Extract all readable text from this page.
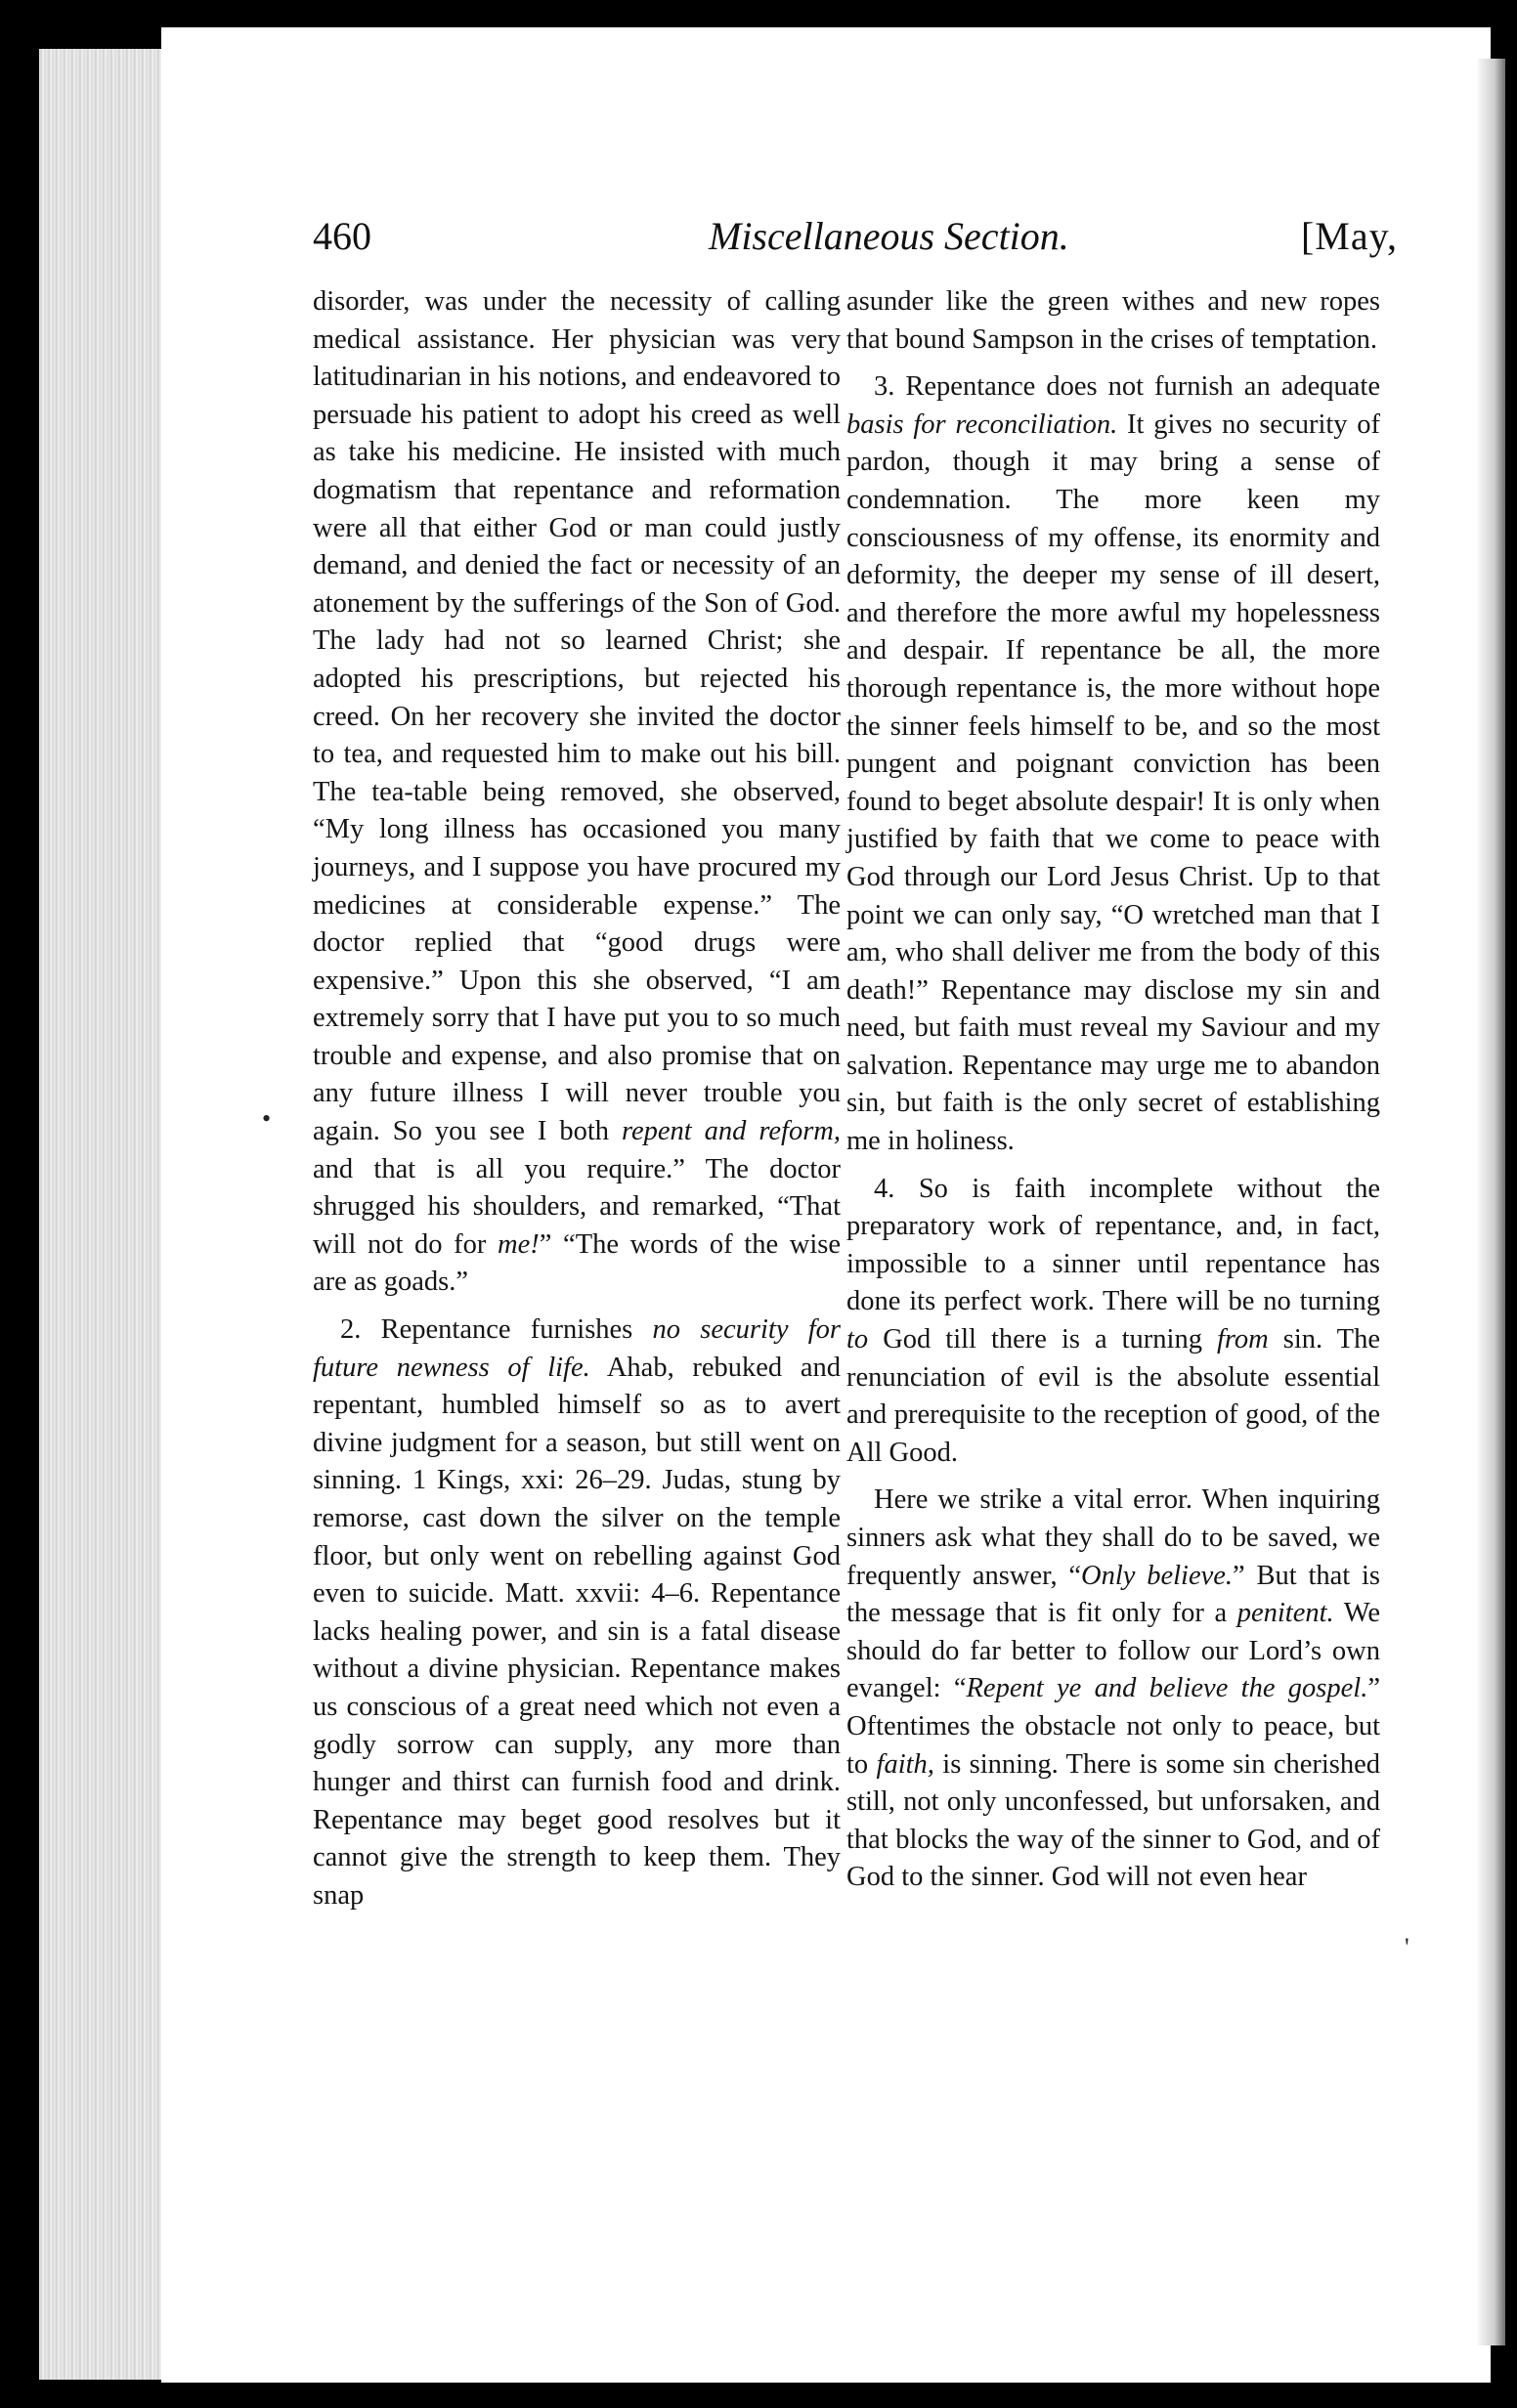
460	Miscellaneous Section.	[May,
•
'

disorder, was under the necessity of calling medical assistance. Her physician was very latitudinarian in his notions, and endeavored to persuade his patient to adopt his creed as well as take his medicine. He insisted with much dogmatism that repentance and reformation were all that either God or man could justly demand, and denied the fact or necessity of an atonement by the sufferings of the Son of God. The lady had not so learned Christ; she adopted his prescriptions, but rejected his creed. On her recovery she invited the doctor to tea, and requested him to make out his bill. The tea-table being removed, she observed, “My long illness has occasioned you many journeys, and I suppose you have procured my medicines at considerable expense.” The doctor replied that “good drugs were expensive.” Upon this she observed, “I am extremely sorry that I have put you to so much trouble and expense, and also promise that on any future illness I will never trouble you again. So you see I both repent and reform, and that is all you require.” The doctor shrugged his shoulders, and remarked, “That will not do for me!” “The words of the wise are as goads.”

2. Repentance furnishes no security for future newness of life. Ahab, rebuked and repentant, humbled himself so as to avert divine judgment for a season, but still went on sinning. 1 Kings, xxi: 26–29. Judas, stung by remorse, cast down the silver on the temple floor, but only went on rebelling against God even to suicide. Matt. xxvii: 4–6. Repentance lacks healing power, and sin is a fatal disease without a divine physician. Repentance makes us conscious of a great need which not even a godly sorrow can supply, any more than hunger and thirst can furnish food and drink. Repentance may beget good resolves but it cannot give the strength to keep them. They snap

asunder like the green withes and new ropes that bound Sampson in the crises of temptation.

3. Repentance does not furnish an adequate basis for reconciliation. It gives no security of pardon, though it may bring a sense of condemnation. The more keen my consciousness of my offense, its enormity and deformity, the deeper my sense of ill desert, and therefore the more awful my hopelessness and despair. If repentance be all, the more thorough repentance is, the more without hope the sinner feels himself to be, and so the most pungent and poignant conviction has been found to beget absolute despair! It is only when justified by faith that we come to peace with God through our Lord Jesus Christ. Up to that point we can only say, “O wretched man that I am, who shall deliver me from the body of this death!” Repentance may disclose my sin and need, but faith must reveal my Saviour and my salvation. Repentance may urge me to abandon sin, but faith is the only secret of establishing me in holiness.

4. So is faith incomplete without the preparatory work of repentance, and, in fact, impossible to a sinner until repentance has done its perfect work. There will be no turning to God till there is a turning from sin. The renunciation of evil is the absolute essential and prerequisite to the reception of good, of the All Good.

Here we strike a vital error. When inquiring sinners ask what they shall do to be saved, we frequently answer, “Only believe.” But that is the message that is fit only for a penitent. We should do far better to follow our Lord’s own evangel: “Repent ye and believe the gospel.” Oftentimes the obstacle not only to peace, but to faith, is sinning. There is some sin cherished still, not only unconfessed, but unforsaken, and that blocks the way of the sinner to God, and of God to the sinner. God will not even hear
